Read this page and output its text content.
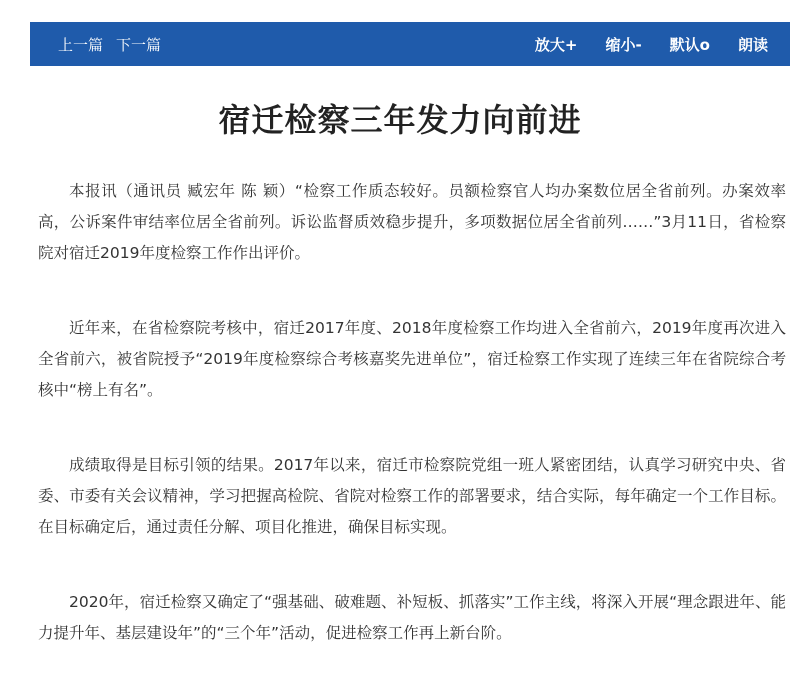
上一篇 下一篇	放大+ 缩小- 默认o 朗读
宿迁检察三年发力向前进

本报讯（通讯员 臧宏年 陈 颖）“检察工作质态较好。员额检察官人均办案数位居全省前列。办案效率高，公诉案件审结率位居全省前列。诉讼监督质效稳步提升，多项数据位居全省前列……”3月11日，省检察院对宿迁2019年度检察工作作出评价。

近年来，在省检察院考核中，宿迁2017年度、2018年度检察工作均进入全省前六，2019年度再次进入全省前六，被省院授予“2019年度检察综合考核嘉奖先进单位”，宿迁检察工作实现了连续三年在省院综合考核中“榜上有名”。

成绩取得是目标引领的结果。2017年以来，宿迁市检察院党组一班人紧密团结，认真学习研究中央、省委、市委有关会议精神，学习把握高检院、省院对检察工作的部署要求，结合实际，每年确定一个工作目标。在目标确定后，通过责任分解、项目化推进，确保目标实现。

2020年，宿迁检察又确定了“强基础、破难题、补短板、抓落实”工作主线，将深入开展“理念跟进年、能力提升年、基层建设年”的“三个年”活动，促进检察工作再上新台阶。
